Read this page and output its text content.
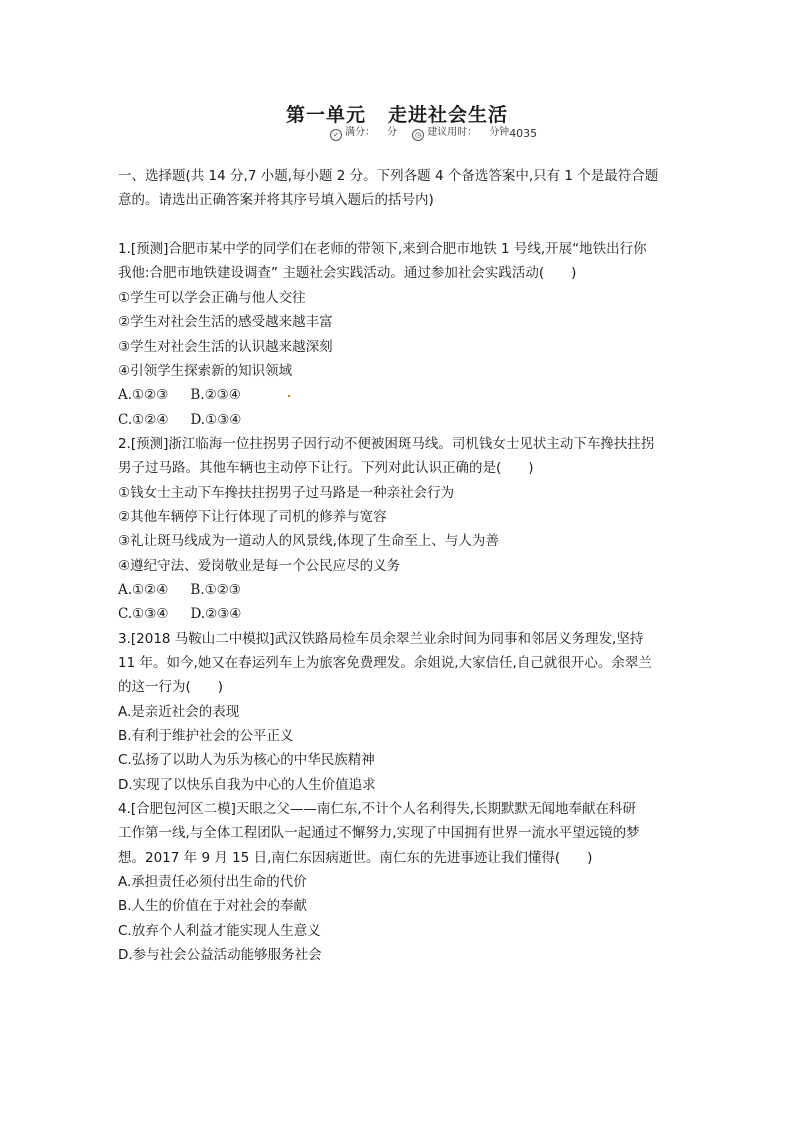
第一单元 走进社会生活
✓ 满分： 分	◷ 建议用时： 分钟4035
一、选择题(共 14 分,7 小题,每小题 2 分。下列各题 4 个备选答案中,只有 1 个是最符合题
意的。请选出正确答案并将其序号填入题后的括号内)
1.[预测]合肥市某中学的同学们在老师的带领下,来到合肥市地铁 1 号线,开展“地铁出行你
我他:合肥市地铁建设调查” 主题社会实践活动。通过参加社会实践活动(　　)
①学生可以学会正确与他人交往
②学生对社会生活的感受越来越丰富
③学生对社会生活的认识越来越深刻
④引领学生探索新的知识领域
A.①②③ B.②③④
C.①②④ D.①③④
2.[预测]浙江临海一位拄拐男子因行动不便被困斑马线。司机钱女士见状主动下车搀扶拄拐
男子过马路。其他车辆也主动停下让行。下列对此认识正确的是(　　)
①钱女士主动下车搀扶拄拐男子过马路是一种亲社会行为
②其他车辆停下让行体现了司机的修养与宽容
③礼让斑马线成为一道动人的风景线,体现了生命至上、与人为善
④遵纪守法、爱岗敬业是每一个公民应尽的义务
A.①②④ B.①②③
C.①③④ D.②③④
3.[2018 马鞍山二中模拟]武汉铁路局检车员余翠兰业余时间为同事和邻居义务理发,坚持
11 年。如今,她又在春运列车上为旅客免费理发。余姐说,大家信任,自己就很开心。余翠兰
的这一行为(　　)
A.是亲近社会的表现
B.有利于维护社会的公平正义
C.弘扬了以助人为乐为核心的中华民族精神
D.实现了以快乐自我为中心的人生价值追求
4.[合肥包河区二模]天眼之父——南仁东,不计个人名利得失,长期默默无闻地奉献在科研
工作第一线,与全体工程团队一起通过不懈努力,实现了中国拥有世界一流水平望远镜的梦
想。2017 年 9 月 15 日,南仁东因病逝世。南仁东的先进事迹让我们懂得(　　)
A.承担责任必须付出生命的代价
B.人生的价值在于对社会的奉献
C.放弃个人利益才能实现人生意义
D.参与社会公益活动能够服务社会
